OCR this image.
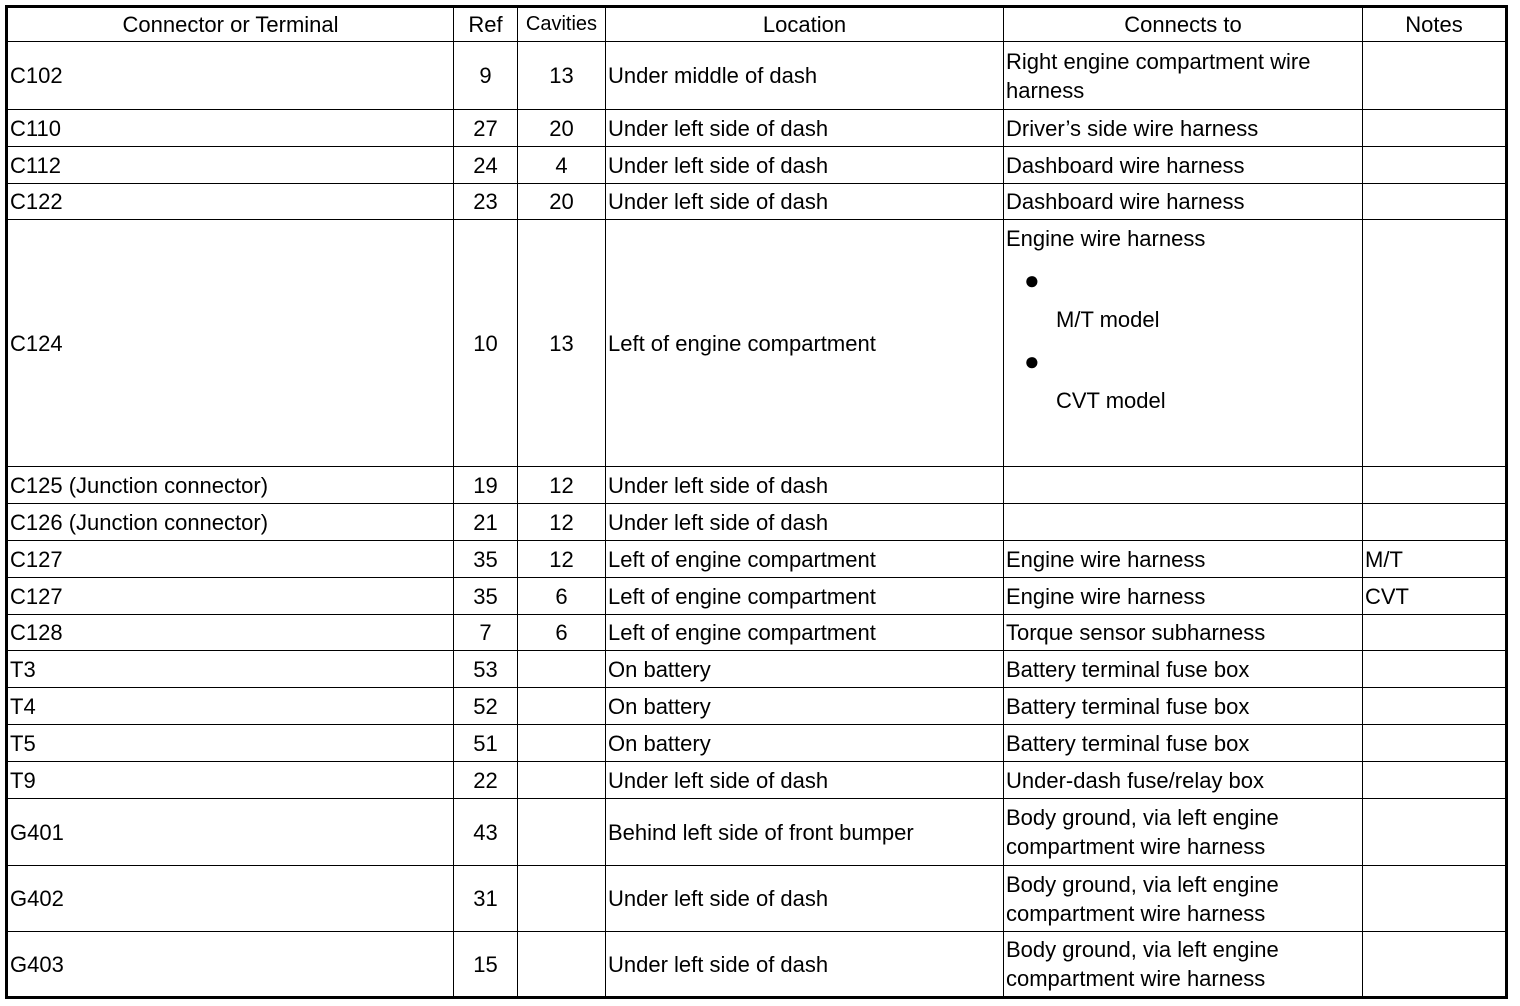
Connector or Terminal	Ref	Cavities	Location	Connects to	Notes
C102	9	13	Under middle of dash	Right engine compartment wire harness	
C110	27	20	Under left side of dash	Driver’s side wire harness	
C112	24	4	Under left side of dash	Dashboard wire harness	
C122	23	20	Under left side of dash	Dashboard wire harness	
C124	10	13	Left of engine compartment	Engine wire harness
●
M/T model
●
CVT model	

C125 (Junction connector)	19	12	Under left side of dash		
C126 (Junction connector)	21	12	Under left side of dash		
C127	35	12	Left of engine compartment	Engine wire harness	M/T
C127	35	6	Left of engine compartment	Engine wire harness	CVT
C128	7	6	Left of engine compartment	Torque sensor subharness	
T3	53		On battery	Battery terminal fuse box	
T4	52		On battery	Battery terminal fuse box	
T5	51		On battery	Battery terminal fuse box	
T9	22		Under left side of dash	Under-dash fuse/relay box	
G401	43		Behind left side of front bumper	Body ground, via left engine compartment wire harness	
G402	31		Under left side of dash	Body ground, via left engine compartment wire harness	
G403	15		Under left side of dash	Body ground, via left engine compartment wire harness	
